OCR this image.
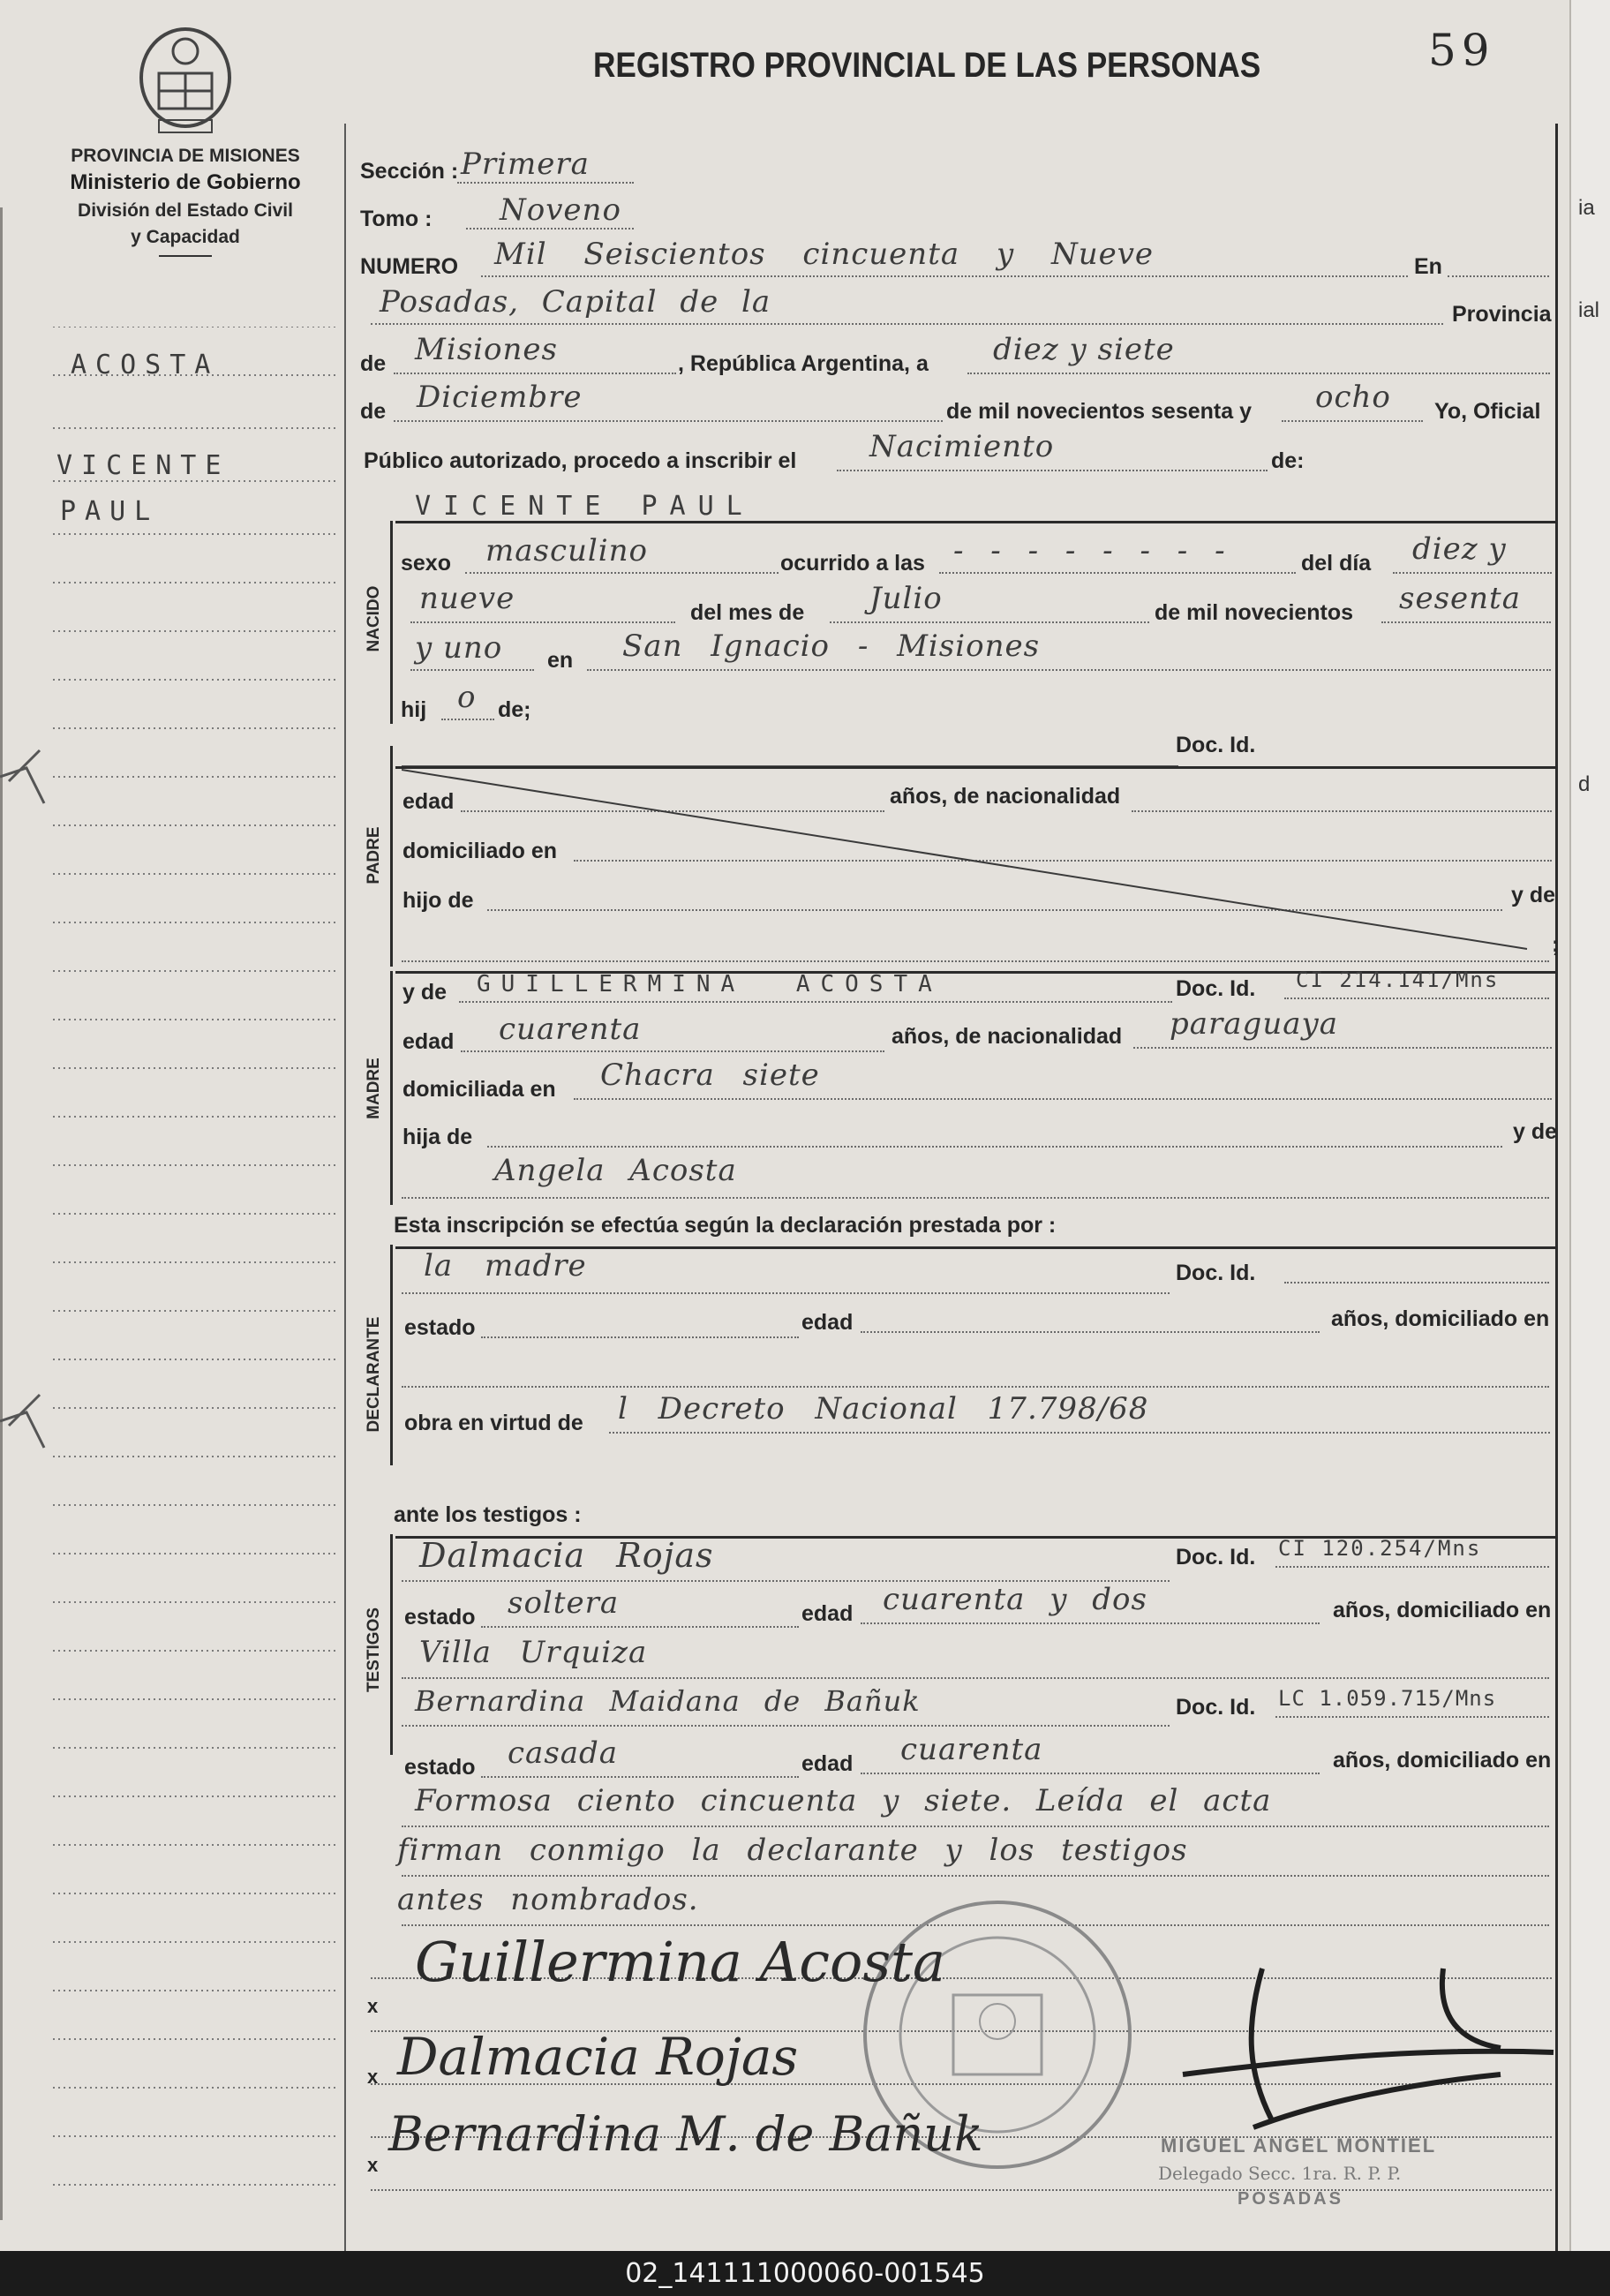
ia
ial
d
PROVINCIA DE MISIONES
Ministerio de Gobierno
División del Estado Civil
y Capacidad
REGISTRO PROVINCIAL DE LAS PERSONAS	59
ACOSTA
VICENTE
PAUL
Sección : Primera
Tomo : Noveno
NUMERO Mil Seiscientos cincuenta y Nueve	En
Posadas, Capital de la	Provincia
de Misiones	, República Argentina, a diez y siete
de Diciembre	de mil novecientos sesenta y ocho Yo, Oficial
Público autorizado, procedo a inscribir el Nacimiento	de:
VICENTE PAUL
NACIDO
sexo masculino	ocurrido a las - - - - - - - -	del día diez y
nueve	del mes de Julio	de mil novecientos sesenta
y uno en San Ignacio - Misiones
hij o de;
PADRE
Doc. Id.
edad	años, de nacionalidad
domiciliado en
hijo de	y de
;
MADRE
y de GUILLERMINA ACOSTA	Doc. Id. CI 214.141/Mns
edad cuarenta	años, de nacionalidad paraguaya
domiciliada en Chacra siete
hija de	y de
Angela Acosta
Esta inscripción se efectúa según la declaración prestada por :
DECLARANTE
la madre	Doc. Id.
estado	edad	años, domiciliado en
obra en virtud de l Decreto Nacional 17.798/68
ante los testigos :
TESTIGOS
Dalmacia Rojas	Doc. Id. CI 120.254/Mns
estado soltera	edad cuarenta y dos	años, domiciliado en
Villa Urquiza
Bernardina Maidana de Bañuk	Doc. Id. LC 1.059.715/Mns
estado casada	edad cuarenta	años, domiciliado en
Formosa ciento cincuenta y siete. Leída el acta
firman conmigo la declarante y los testigos
antes nombrados.
x
x
x
Guillermina Acosta
Dalmacia Rojas
Bernardina M. de Bañuk	MIGUEL ANGEL MONTIEL
Delegado Secc. 1ra. R. P. P.
POSADAS
02_141111000060-001545
